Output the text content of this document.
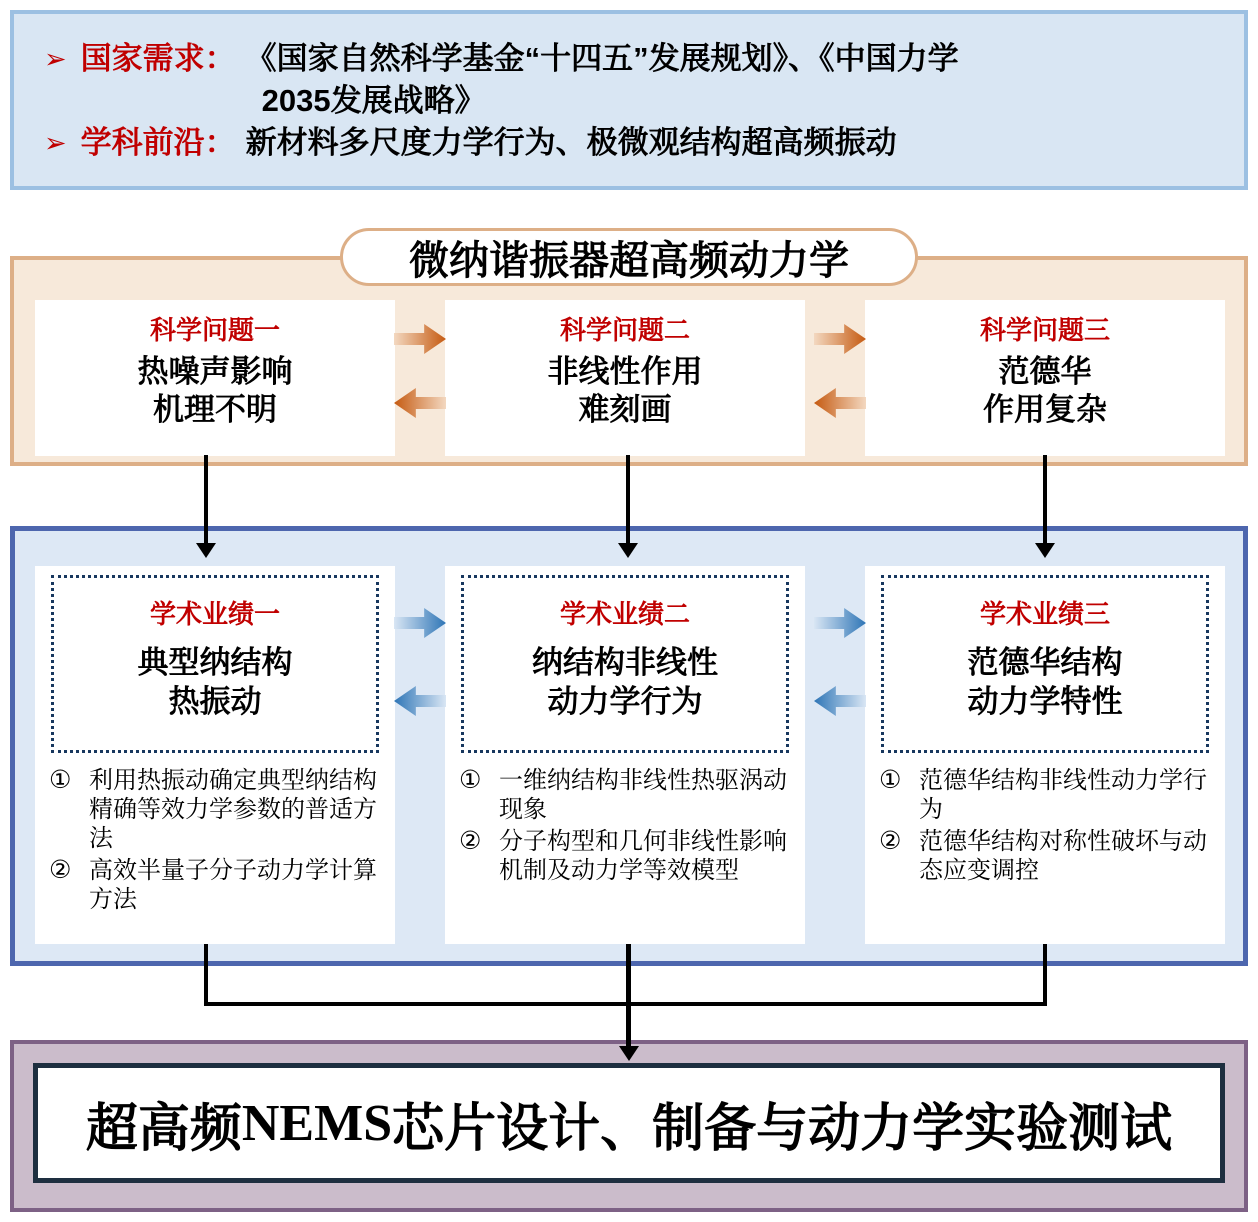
➢ 国家需求： 《国家自然科学基金“十四五”发展规划》、《中国力学
2035发展战略》
➢ 学科前沿： 新材料多尺度力学行为、极微观结构超高频振动
微纳谐振器超高频动力学
科学问题一
热噪声影响
机理不明
科学问题二
非线性作用
难刻画
科学问题三
范德华
作用复杂
学术业绩一
典型纳结构
热振动
① 利用热振动确定典型纳结构精确等效力学参数的普适方法
② 高效半量子分子动力学计算方法
学术业绩二
纳结构非线性
动力学行为
① 一维纳结构非线性热驱涡动现象
② 分子构型和几何非线性影响机制及动力学等效模型
学术业绩三
范德华结构
动力学特性
① 范德华结构非线性动力学行为
② 范德华结构对称性破坏与动态应变调控
超高频 NEMS 芯片设计、制备与动力学实验测试
